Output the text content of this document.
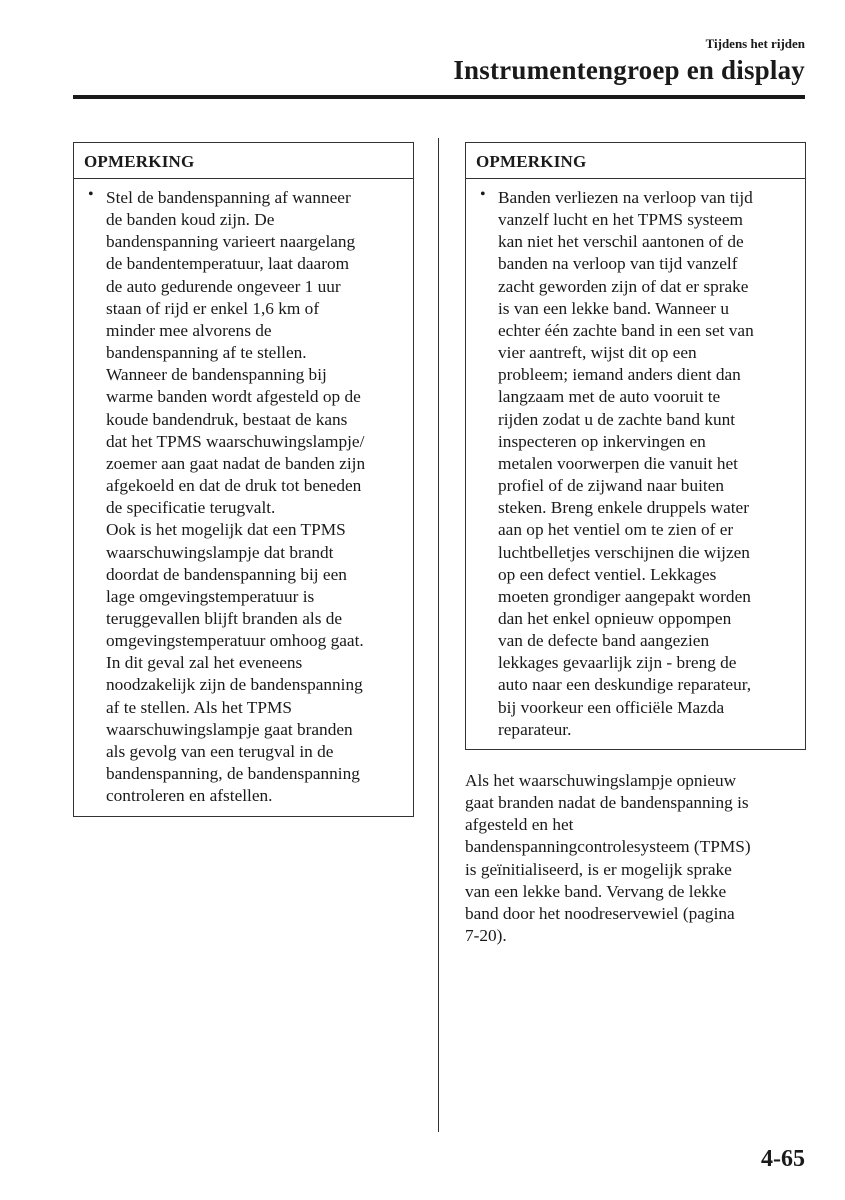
Tijdens het rijden
Instrumentengroep en display
OPMERKING
• Stel de bandenspanning af wanneer
de banden koud zijn. De
bandenspanning varieert naargelang
de bandentemperatuur, laat daarom
de auto gedurende ongeveer 1 uur
staan of rijd er enkel 1,6 km of
minder mee alvorens de
bandenspanning af te stellen.
Wanneer de bandenspanning bij
warme banden wordt afgesteld op de
koude bandendruk, bestaat de kans
dat het TPMS waarschuwingslampje/
zoemer aan gaat nadat de banden zijn
afgekoeld en dat de druk tot beneden
de specificatie terugvalt.
Ook is het mogelijk dat een TPMS
waarschuwingslampje dat brandt
doordat de bandenspanning bij een
lage omgevingstemperatuur is
teruggevallen blijft branden als de
omgevingstemperatuur omhoog gaat.
In dit geval zal het eveneens
noodzakelijk zijn de bandenspanning
af te stellen. Als het TPMS
waarschuwingslampje gaat branden
als gevolg van een terugval in de
bandenspanning, de bandenspanning
controleren en afstellen.
OPMERKING
• Banden verliezen na verloop van tijd
vanzelf lucht en het TPMS systeem
kan niet het verschil aantonen of de
banden na verloop van tijd vanzelf
zacht geworden zijn of dat er sprake
is van een lekke band. Wanneer u
echter één zachte band in een set van
vier aantreft, wijst dit op een
probleem; iemand anders dient dan
langzaam met de auto vooruit te
rijden zodat u de zachte band kunt
inspecteren op inkervingen en
metalen voorwerpen die vanuit het
profiel of de zijwand naar buiten
steken. Breng enkele druppels water
aan op het ventiel om te zien of er
luchtbelletjes verschijnen die wijzen
op een defect ventiel. Lekkages
moeten grondiger aangepakt worden
dan het enkel opnieuw oppompen
van de defecte band aangezien
lekkages gevaarlijk zijn - breng de
auto naar een deskundige reparateur,
bij voorkeur een officiële Mazda
reparateur.
Als het waarschuwingslampje opnieuw
gaat branden nadat de bandenspanning is
afgesteld en het
bandenspanningcontrolesysteem (TPMS)
is geïnitialiseerd, is er mogelijk sprake
van een lekke band. Vervang de lekke
band door het noodreservewiel (pagina
7-20).
4-65
